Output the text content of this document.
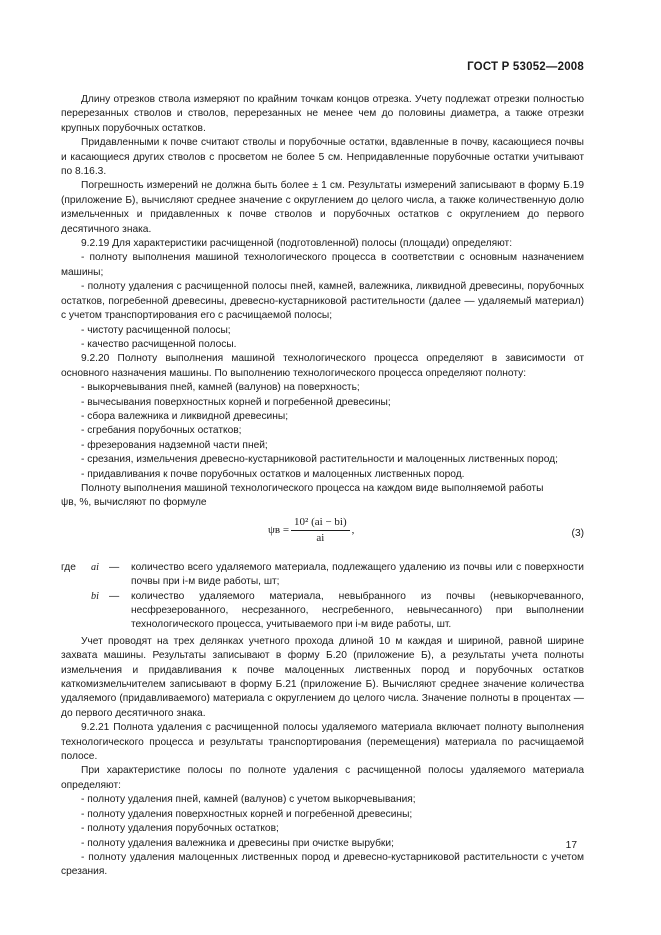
ГОСТ Р 53052—2008

Длину отрезков ствола измеряют по крайним точкам концов отрезка. Учету подлежат отрезки полностью перерезанных стволов и стволов, перерезанных не менее чем до половины диаметра, а также отрезки крупных порубочных остатков.

Придавленными к почве считают стволы и порубочные остатки, вдавленные в почву, касающиеся почвы и касающиеся других стволов с просветом не более 5 см. Непридавленные порубочные остатки учитывают по 8.16.3.

Погрешность измерений не должна быть более ± 1 см. Результаты измерений записывают в форму Б.19 (приложение Б), вычисляют среднее значение с округлением до целого числа, а также количественную долю измельченных и придавленных к почве стволов и порубочных остатков с округлением до первого десятичного знака.

9.2.19 Для характеристики расчищенной (подготовленной) полосы (площади) определяют:

- полноту выполнения машиной технологического процесса в соответствии с основным назначением машины;

- полноту удаления с расчищенной полосы пней, камней, валежника, ликвидной древесины, порубочных остатков, погребенной древесины, древесно-кустарниковой растительности (далее — удаляемый материал) с учетом транспортирования его с расчищаемой полосы;

- чистоту расчищенной полосы;

- качество расчищенной полосы.

9.2.20 Полноту выполнения машиной технологического процесса определяют в зависимости от основного назначения машины. По выполнению технологического процесса определяют полноту:

- выкорчевывания пней, камней (валунов) на поверхность;

- вычесывания поверхностных корней и погребенной древесины;

- сбора валежника и ликвидной древесины;

- сгребания порубочных остатков;

- фрезерования надземной части пней;

- срезания, измельчения древесно-кустарниковой растительности и малоценных лиственных пород;

- придавливания к почве порубочных остатков и малоценных лиственных пород.

Полноту выполнения машиной технологического процесса на каждом виде выполняемой работы

ψв, %, вычисляют по формуле

ψв =	10² (ai − bi)	,
ai	(3)
где	ai —	количество всего удаляемого материала, подлежащего удалению из почвы или с поверхности почвы при i-м виде работы, шт;
bi —	количество удаляемого материала, невыбранного из почвы (невыкорчеванного, несфрезерованного, несрезанного, несгребенного, невычесанного) при выполнении технологического процесса, учитываемого при i-м виде работы, шт.

Учет проводят на трех делянках учетного прохода длиной 10 м каждая и шириной, равной ширине захвата машины. Результаты записывают в форму Б.20 (приложение Б), а результаты учета полноты измельчения и придавливания к почве малоценных лиственных пород и порубочных остатков каткомизмельчителем записывают в форму Б.21 (приложение Б). Вычисляют среднее значение количества удаляемого (придавливаемого) материала с округлением до целого числа. Значение полноты в процентах — до первого десятичного знака.

9.2.21 Полнота удаления с расчищенной полосы удаляемого материала включает полноту выполнения технологического процесса и результаты транспортирования (перемещения) материала по расчищаемой полосе.

При характеристике полосы по полноте удаления с расчищенной полосы удаляемого материала определяют:

- полноту удаления пней, камней (валунов) с учетом выкорчевывания;

- полноту удаления поверхностных корней и погребенной древесины;

- полноту удаления порубочных остатков;

- полноту удаления валежника и древесины при очистке вырубки;

- полноту удаления малоценных лиственных пород и древесно-кустарниковой растительности с учетом срезания.

17
